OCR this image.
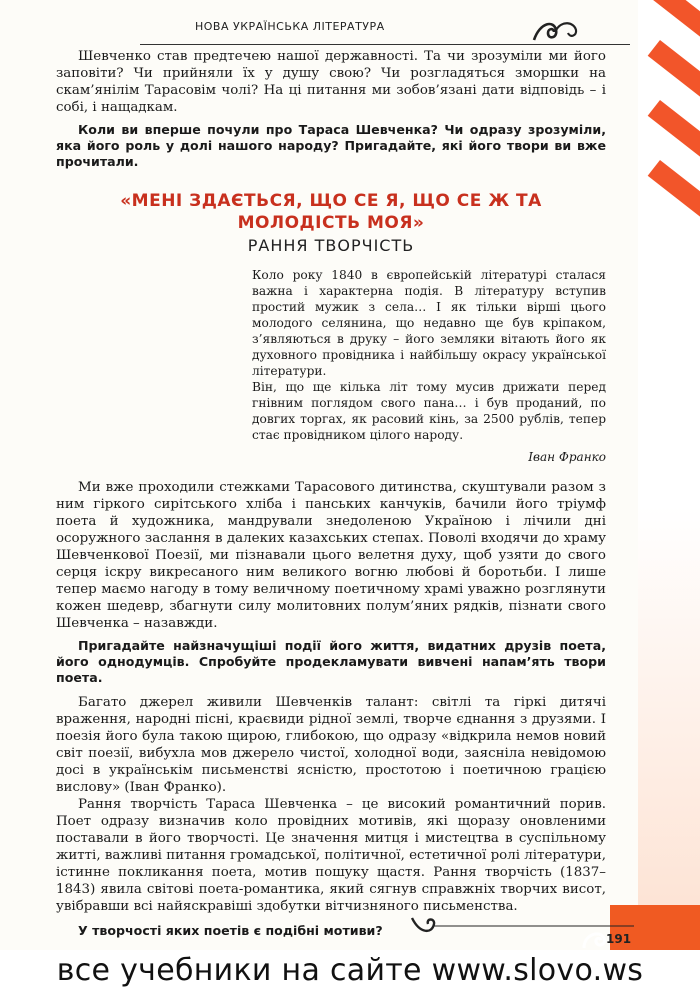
НОВА УКРАЇНСЬКА ЛІТЕРАТУРА

Шевченко став предтечею нашої державності. Та чи зрозуміли ми його заповіти? Чи прийняли їх у душу свою? Чи розгладяться зморшки на скам’янілім Тарасовім чолі? На ці питання ми зобов’язані дати відповідь – і собі, і нащадкам.

Коли ви вперше почули про Тараса Шевченка? Чи одразу зрозуміли, яка його роль у долі нашого народу? Пригадайте, які його твори ви вже прочитали.

«МЕНІ ЗДАЄТЬСЯ, ЩО СЕ Я, ЩО СЕ Ж ТА
МОЛОДІСТЬ МОЯ»
РАННЯ ТВОРЧІСТЬ

Коло року 1840 в європейській літературі сталася важна і характерна подія. В літературу вступив простий мужик з села… І як тільки вірші цього молодого селянина, що недавно ще був кріпаком, з’являються в друку – його земляки вітають його як духовного провідника і найбільшу окрасу української літератури.

Він, що ще кілька літ тому мусив дрижати перед гнівним поглядом свого пана… і був проданий, по довгих торгах, як расовий кінь, за 2500 рублів, тепер стає провідником цілого народу.

Іван Франко

Ми вже проходили стежками Тарасового дитинства, скуштували разом з ним гіркого сирітського хліба і панських канчуків, бачили його тріумф поета й художника, мандрували знедоленою Україною і лічили дні осоружного заслання в далеких казахських степах. Поволі входячи до храму Шевченкової Поезії, ми пізнавали цього велетня духу, щоб узяти до свого серця іскру викресаного ним великого вогню любові й боротьби. І лише тепер маємо нагоду в тому величному поетичному храмі уважно розглянути кожен шедевр, збагнути силу молитовних полум’яних рядків, пізнати свого Шевченка – назавжди.

Пригадайте найзначущіші події його життя, видатних друзів поета, його однодумців. Спробуйте продекламувати вивчені напам’ять твори поета.

Багато джерел живили Шевченків талант: світлі та гіркі дитячі враження, народні пісні, краєвиди рідної землі, творче єднання з друзями. І поезія його була такою щирою, глибокою, що одразу «відкрила немов новий світ поезії, вибухла мов джерело чистої, холодної води, заясніла невідомою досі в українськім письменстві ясністю, простотою і поетичною грацією вислову» (Іван Франко).

Рання творчість Тараса Шевченка – це високий романтичний порив. Поет одразу визначив коло провідних мотивів, які щоразу оновленими поставали в його творчості. Це значення митця і мистецтва в суспільному житті, важливі питання громадської, політичної, естетичної ролі літератури, істинне покликання поета, мотив пошуку щастя. Рання творчість (1837–1843) явила світові поета-романтика, який сягнув справжніх творчих висот, увібравши всі найяскравіші здобутки вітчизняного письменства.

У творчості яких поетів є подібні мотиви?

191
все учебники на сайте www.slovo.ws
